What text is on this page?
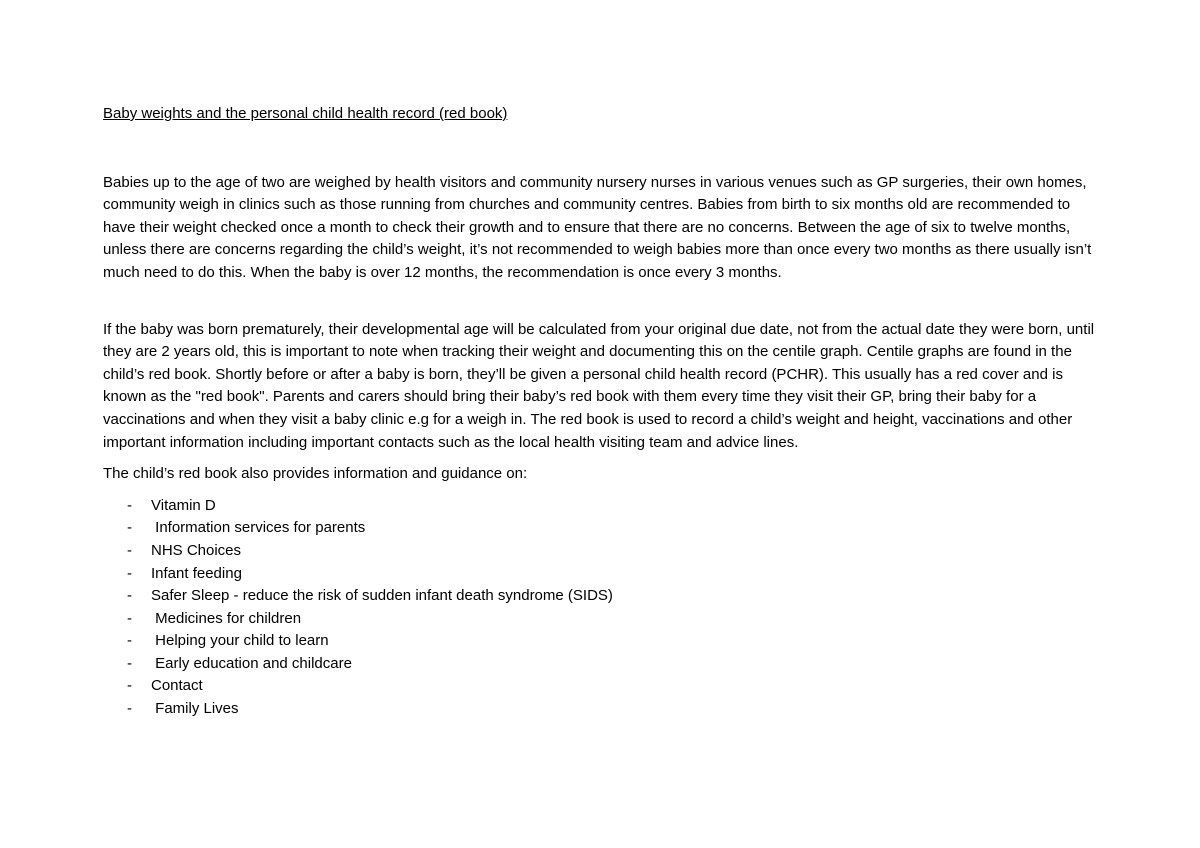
Baby weights and the personal child health record (red book)

Babies up to the age of two are weighed by health visitors and community nursery nurses in various venues such as GP surgeries, their own homes, community weigh in clinics such as those running from churches and community centres. Babies from birth to six months old are recommended to have their weight checked once a month to check their growth and to ensure that there are no concerns. Between the age of six to twelve months, unless there are concerns regarding the child’s weight, it’s not recommended to weigh babies more than once every two months as there usually isn’t much need to do this. When the baby is over 12 months, the recommendation is once every 3 months.

If the baby was born prematurely, their developmental age will be calculated from your original due date, not from the actual date they were born, until they are 2 years old, this is important to note when tracking their weight and documenting this on the centile graph. Centile graphs are found in the child’s red book. Shortly before or after a baby is born, they’ll be given a personal child health record (PCHR). This usually has a red cover and is known as the "red book". Parents and carers should bring their baby’s red book with them every time they visit their GP, bring their baby for a vaccinations and when they visit a baby clinic e.g for a weigh in. The red book is used to record a child’s weight and height, vaccinations and other important information including important contacts such as the local health visiting team and advice lines.

The child’s red book also provides information and guidance on:

-	Vitamin D
-	Information services for parents
-	NHS Choices
-	Infant feeding
-	Safer Sleep - reduce the risk of sudden infant death syndrome (SIDS)
-	Medicines for children
-	Helping your child to learn
-	Early education and childcare
-	Contact
-	Family Lives
